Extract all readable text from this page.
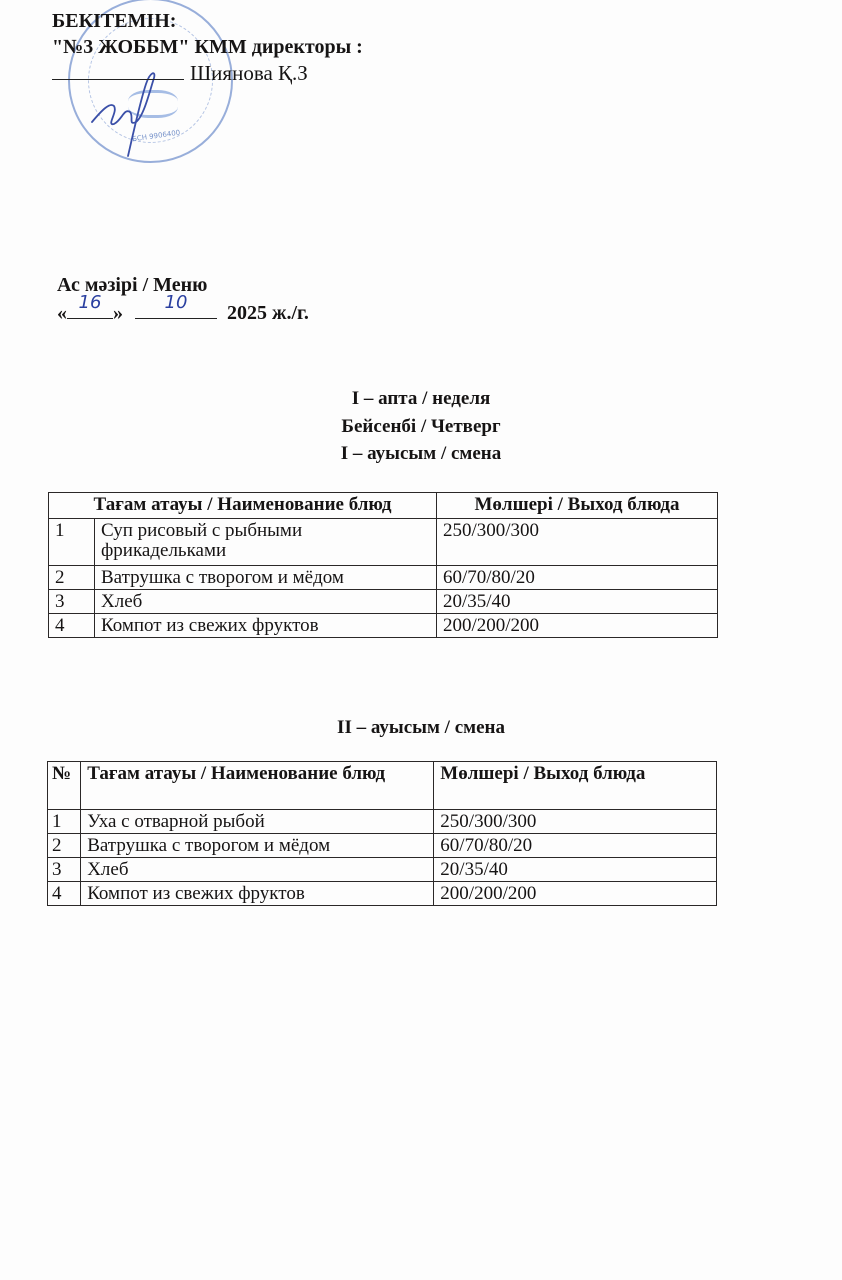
БСН 9906400
БЕКІТЕМІН:
"№3 ЖОББМ" КММ директоры :
Шиянова Қ.З
Ас мәзірі / Меню
« 16 »	10	2025 ж./г.
I – апта / неделя
Бейсенбі / Четверг
I – ауысым / смена
Тағам атауы / Наименование блюд		Мөлшері / Выход блюда
1	Суп рисовый с рыбными фрикадельками	250/300/300
2	Ватрушка с творогом и мёдом	60/70/80/20
3	Хлеб	20/35/40
4	Компот из свежих фруктов	200/200/200
II – ауысым / смена
№	Тағам атауы / Наименование блюд	Мөлшері / Выход блюда
1	Уха с отварной рыбой	250/300/300
2	Ватрушка с творогом и мёдом	60/70/80/20
3	Хлеб	20/35/40
4	Компот из свежих фруктов	200/200/200
